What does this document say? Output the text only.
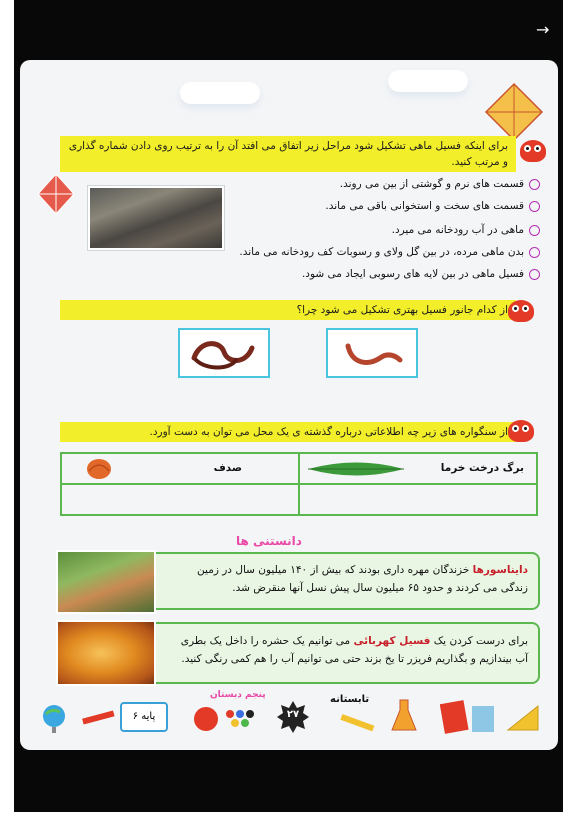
→
برای اینکه فسیل ماهی تشکیل شود مراحل زیر اتفاق می افتد آن را به ترتیب روی دادن شماره گذاری و مرتب کنید.
قسمت های نرم و گوشتی از بین می روند.
قسمت های سخت و استخوانی باقی می ماند.
ماهی در آب رودخانه می میرد.
بدن ماهی مرده، در بین گل ولای و رسوبات کف رودخانه می ماند.
فسیل ماهی در بین لایه های رسوبی ایجاد می شود.
از کدام جانور فسیل بهتری تشکیل می شود چرا؟
از سنگواره های زیر چه اطلاعاتی درباره گذشته ی یک محل می توان به دست آورد.
صدف	برگ درخت خرما
دانستنی ها
دایناسورها خزندگان مهره داری بودند که بیش از ۱۴۰ میلیون سال در زمین زندگی می کردند و حدود ۶۵ میلیون سال پیش نسل آنها منقرض شد.
برای درست کردن یک فسیل کهربائی می توانیم یک حشره را داخل یک بطری آب بیندازیم و بگذاریم فریزر تا یخ بزند حتی می توانیم آب را هم کمی رنگی کنید.
۶ پایه
پنجم دبستان
۲۷
تابستانه
